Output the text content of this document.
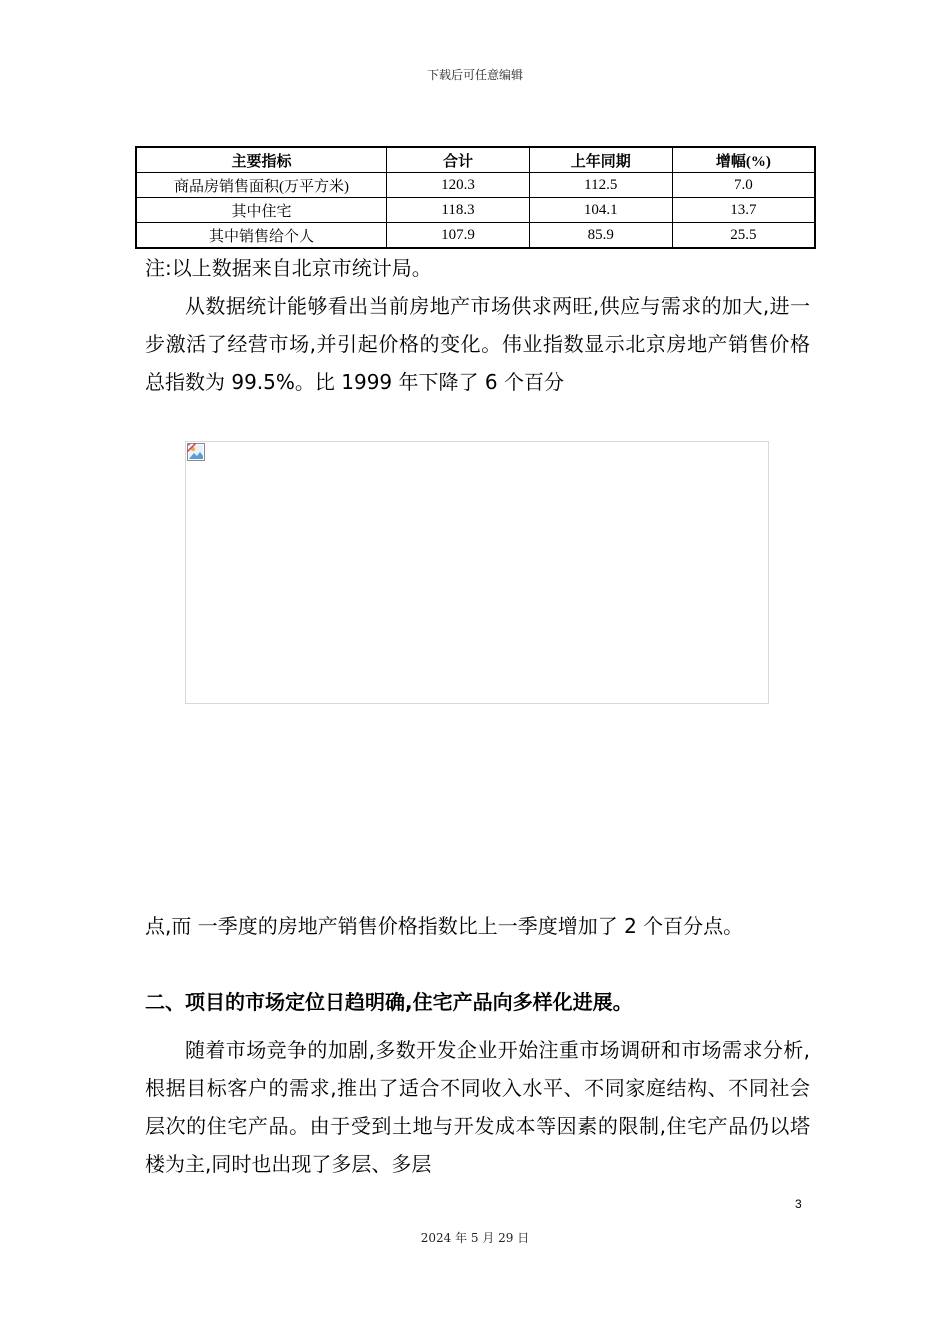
下载后可任意编辑
主要指标	合计	上年同期	增幅(%)
商品房销售面积(万平方米)	120.3	112.5	7.0
其中住宅	118.3	104.1	13.7
其中销售给个人	107.9	85.9	25.5

注:以上数据来自北京市统计局。

从数据统计能够看出当前房地产市场供求两旺,供应与需求的加大,进一步激活了经营市场,并引起价格的变化。伟业指数显示北京房地产销售价格总指数为 99.5%。比 1999 年下降了 6 个百分

点,而 一季度的房地产销售价格指数比上一季度增加了 2 个百分点。

二、项目的市场定位日趋明确,住宅产品向多样化进展。

随着市场竞争的加剧,多数开发企业开始注重市场调研和市场需求分析,根据目标客户的需求,推出了适合不同收入水平、不同家庭结构、不同社会层次的住宅产品。由于受到土地与开发成本等因素的限制,住宅产品仍以塔楼为主,同时也出现了多层、多层

3
2024 年 5 月 29 日
